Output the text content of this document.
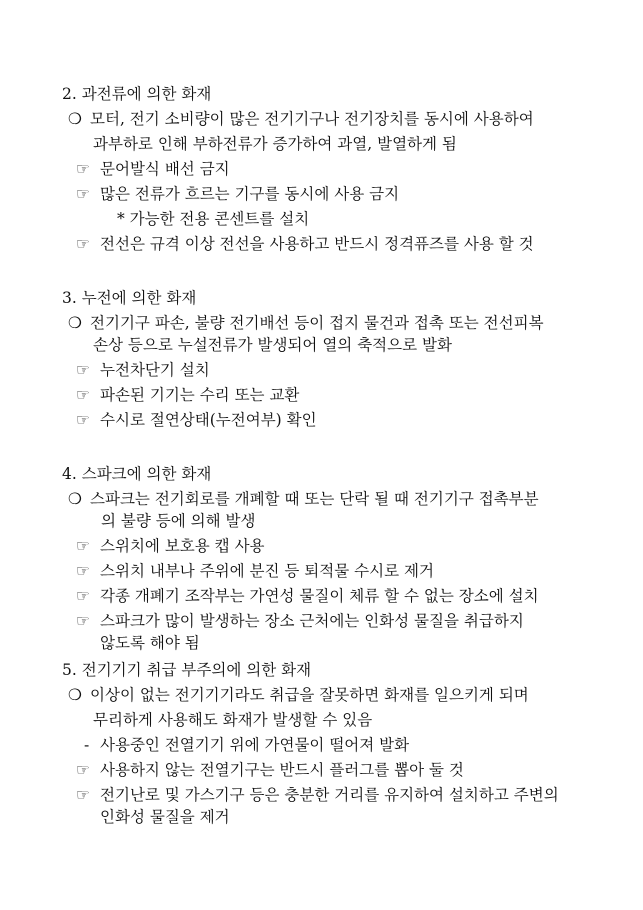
2. 과전류에 의한 화재
❍ 모터, 전기 소비량이 많은 전기기구나 전기장치를 동시에 사용하여
과부하로 인해 부하전류가 증가하여 과열, 발열하게 됨
☞ 문어발식 배선 금지
☞ 많은 전류가 흐르는 기구를 동시에 사용 금지
* 가능한 전용 콘센트를 설치
☞ 전선은 규격 이상 전선을 사용하고 반드시 정격퓨즈를 사용 할 것
3. 누전에 의한 화재
❍ 전기기구 파손, 불량 전기배선 등이 접지 물건과 접촉 또는 전선피복
손상 등으로 누설전류가 발생되어 열의 축적으로 발화
☞ 누전차단기 설치
☞ 파손된 기기는 수리 또는 교환
☞ 수시로 절연상태(누전여부) 확인
4. 스파크에 의한 화재
❍ 스파크는 전기회로를 개폐할 때 또는 단락 될 때 전기기구 접촉부분
의 불량 등에 의해 발생
☞ 스위치에 보호용 캡 사용
☞ 스위치 내부나 주위에 분진 등 퇴적물 수시로 제거
☞ 각종 개폐기 조작부는 가연성 물질이 체류 할 수 없는 장소에 설치
☞ 스파크가 많이 발생하는 장소 근처에는 인화성 물질을 취급하지
않도록 해야 됨
5. 전기기기 취급 부주의에 의한 화재
❍ 이상이 없는 전기기기라도 취급을 잘못하면 화재를 일으키게 되며
무리하게 사용해도 화재가 발생할 수 있음
- 사용중인 전열기기 위에 가연물이 떨어져 발화
☞ 사용하지 않는 전열기구는 반드시 플러그를 뽑아 둘 것
☞ 전기난로 및 가스기구 등은 충분한 거리를 유지하여 설치하고 주변의
인화성 물질을 제거
